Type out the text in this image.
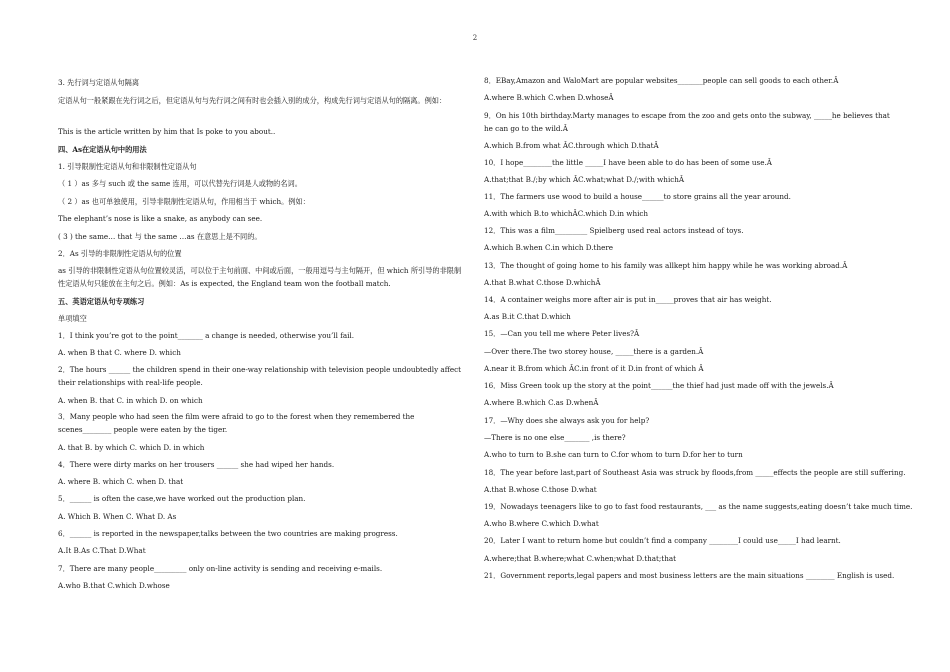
2
3. 先行词与定语从句隔离
定语从句一般紧跟在先行词之后，但定语从句与先行词之间有时也会插入别的成分，构成先行词与定语从句的隔离。例如：
This is the article written by him that Is poke to you about..
四、As在定语从句中的用法
1. 引导限制性定语从句和非限制性定语从句
（ 1 ）as 多与 such 或 the same 连用，可以代替先行词是人或物的名词。
（ 2 ）as 也可单独使用，引导非限制性定语从句，作用相当于 which。例如：
The elephant’s nose is like a snake, as anybody can see.
( 3 ) the same… that 与 the same …as 在意思上是不同的。
2．As 引导的非限制性定语从句的位置
as 引导的非限制性定语从句位置较灵活，可以位于主句前面、中间或后面，一般用逗号与主句隔开，但 which 所引导的非限制性定语从句只能放在主句之后。例如：As is expected, the England team won the football match.
五、英语定语从句专项练习
单项填空
1．I think you’re got to the point_______ a change is needed, otherwise you’ll fail.
A. when B that C. where D. which
2．The hours ______ the children spend in their one-way relationship with television people undoubtedly affect their relationships with real-life people.
A. when B. that C. in which D. on which
3．Many people who had seen the film were afraid to go to the forest when they remembered the scenes________ people were eaten by the tiger.
A. that B. by which C. which D. in which
4．There were dirty marks on her trousers ______ she had wiped her hands.
A. where B. which C. when D. that
5．______ is often the case,we have worked out the production plan.
A. Which B. When C. What D. As
6．______ is reported in the newspaper,talks between the two countries are making progress.
A.It B.As C.That D.What
7．There are many people_________ only on-line activity is sending and receiving e-mails.
A.who B.that C.which D.whose
8．EBay,Amazon and WaloMart are popular websites_______people can sell goods to each other.Â
A.where B.which C.when D.whoseÂ
9．On his 10th birthday.Marty manages to escape from the zoo and gets onto the subway, _____he believes that he can go to the wild.Â
A.which B.from what ÂC.through which D.thatÂ
10．I hope________the little _____I have been able to do has been of some use.Â
A.that;that B./;by which ÂC.what;what D./;with whichÂ
11．The farmers use wood to build a house______to store grains all the year around.
A.with which B.to whichÂC.which D.in which
12．This was a film_________ Spielberg used real actors instead of toys.
A.which B.when C.in which D.there
13．The thought of going home to his family was allkept him happy while he was working abroad.Â
A.that B.what C.those D.whichÂ
14．A container weighs more after air is put in_____proves that air has weight.
A.as B.it C.that D.which
15．—Can you tell me where Peter lives?Â
—Over there.The two storey house, _____there is a garden.Â
A.near it B.from which ÂC.in front of it D.in front of which Â
16．Miss Green took up the story at the point______the thief had just made off with the jewels.Â
A.where B.which C.as D.whenÂ
17．—Why does she always ask you for help?
—There is no one else_______ ,is there?
A.who to turn to B.she can turn to C.for whom to turn D.for her to turn
18．The year before last,part of Southeast Asia was struck by floods,from _____effects the people are still suffering.
A.that B.whose C.those D.what
19．Nowadays teenagers like to go to fast food restaurants, ___ as the name suggests,eating doesn’t take much time.
A.who B.where C.which D.what
20．Later I want to return home but couldn’t find a company ________I could use_____I had learnt.
A.where;that B.where;what C.when;what D.that;that
21．Government reports,legal papers and most business letters are the main situations ________ English is used.
